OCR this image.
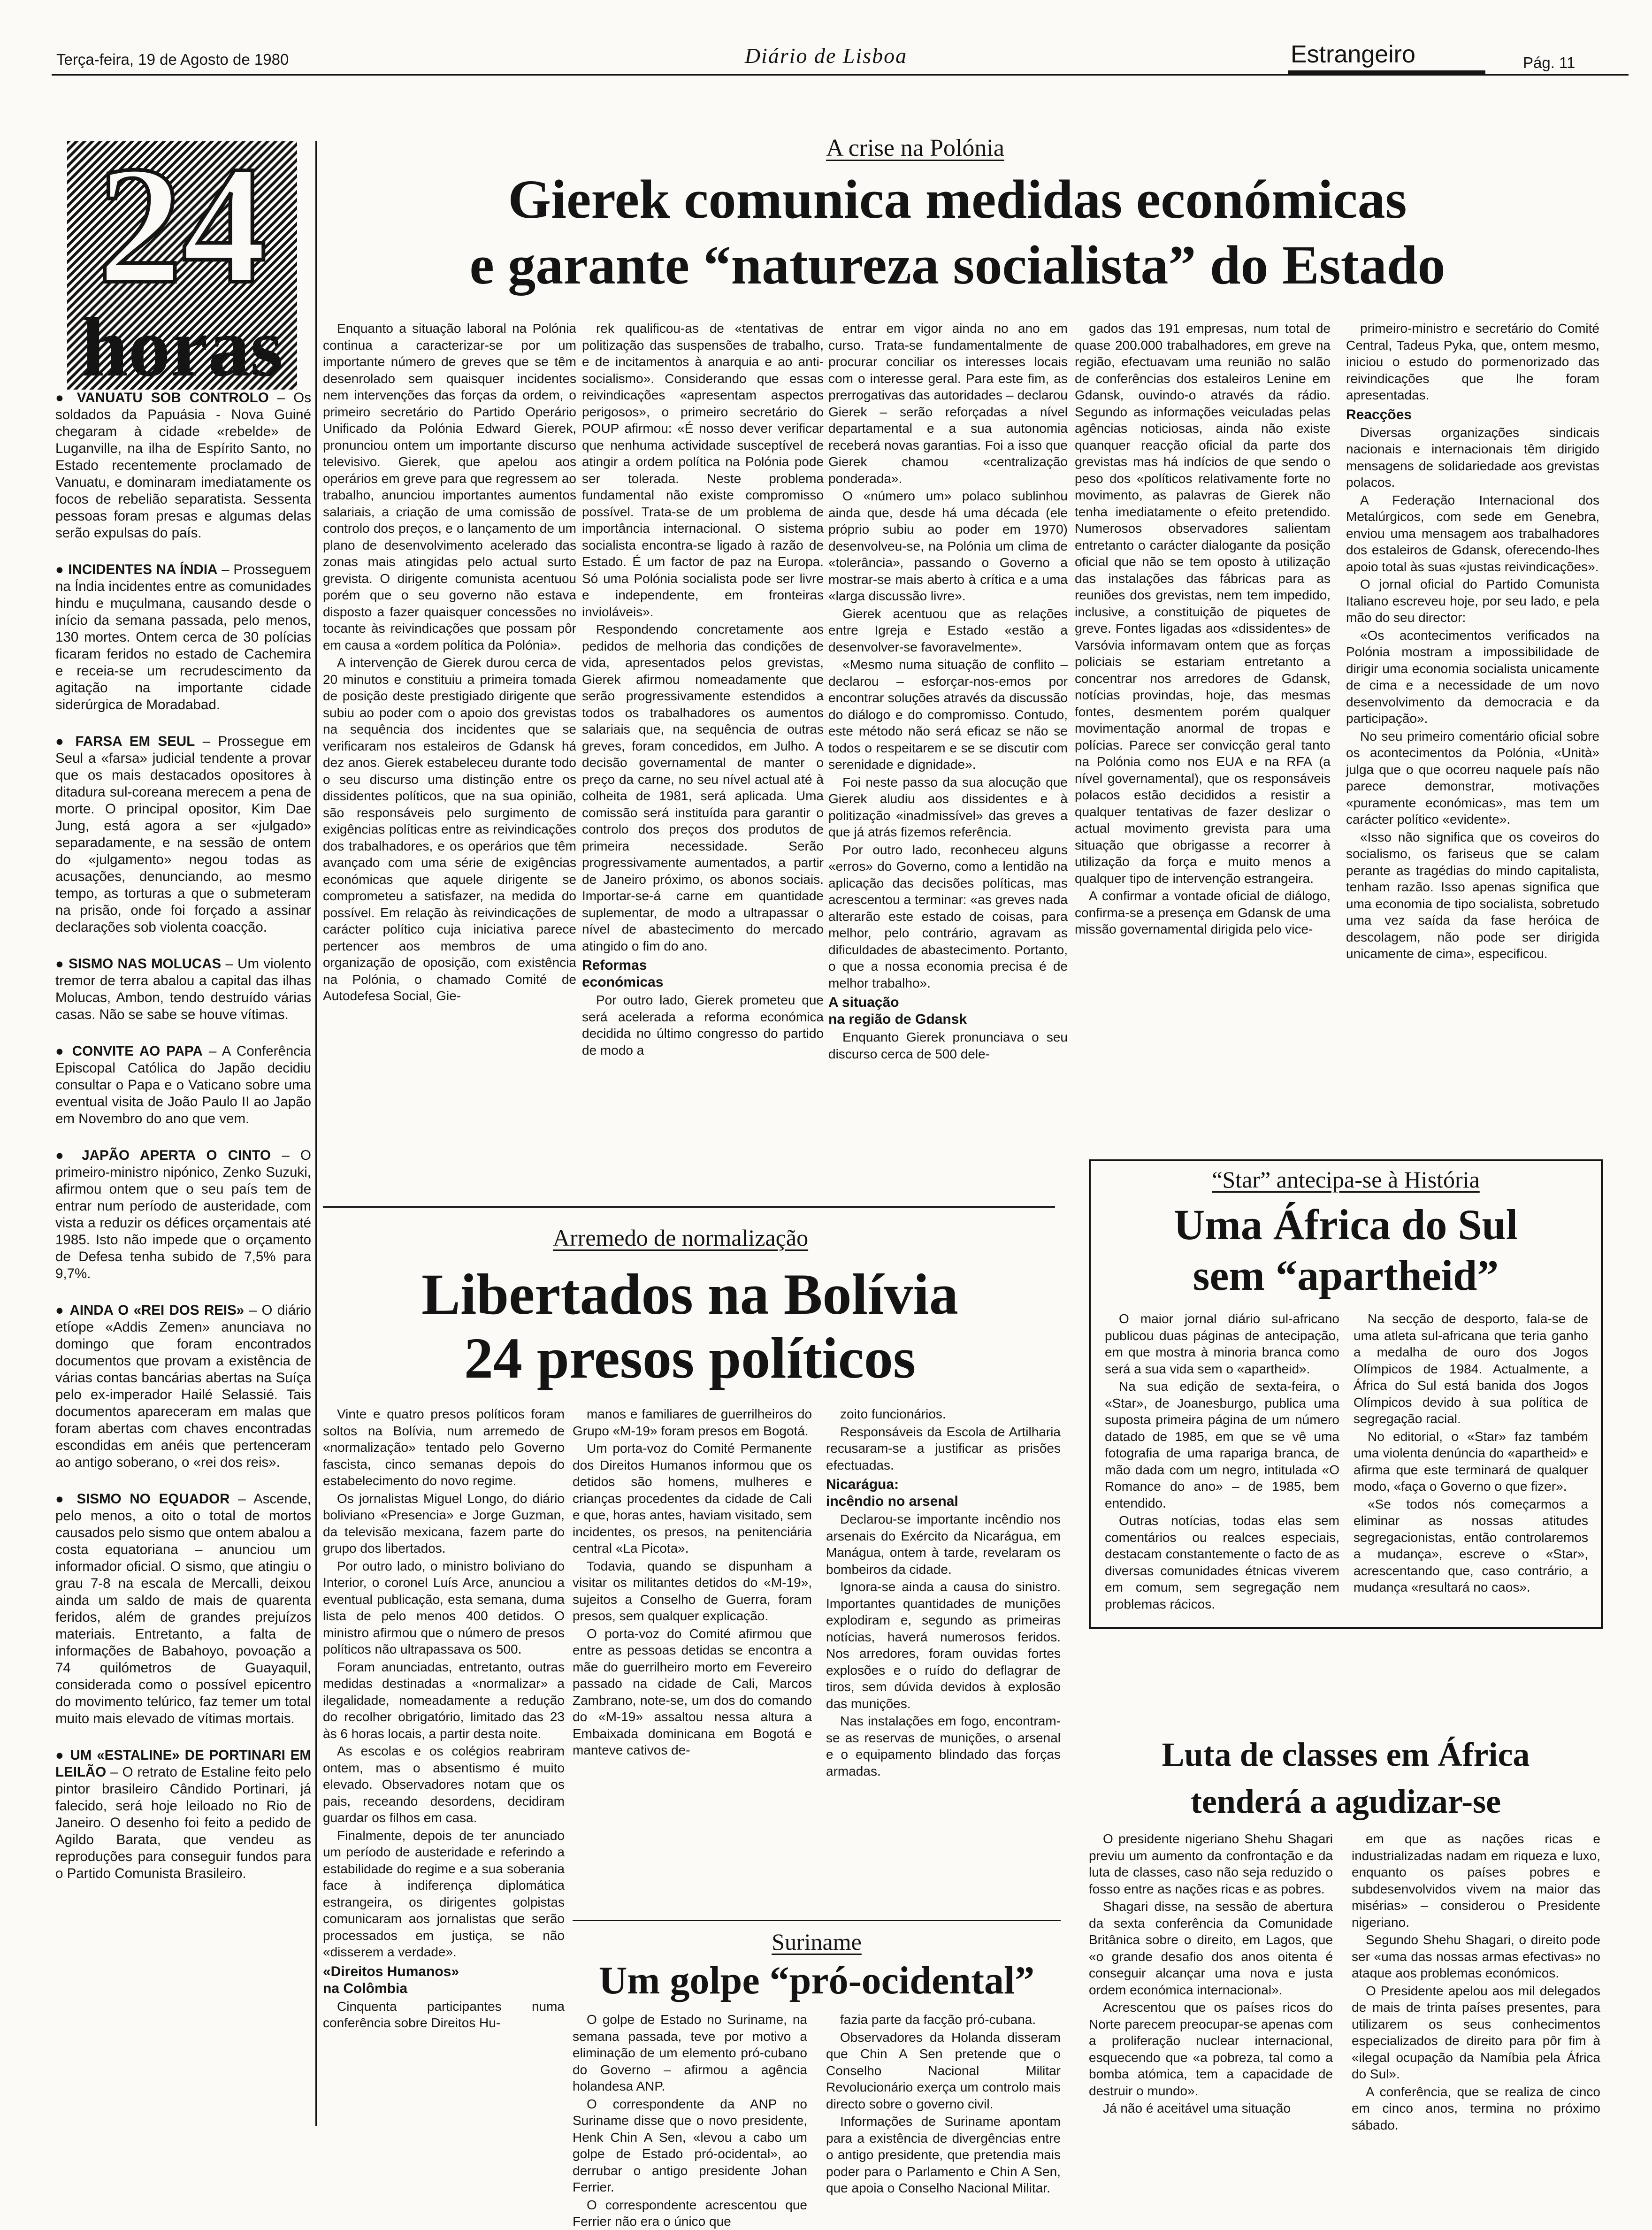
Terça-feira, 19 de Agosto de 1980	Diário de Lisboa	Estrangeiro	Pág. 11
24
horas

● VANUATU SOB CONTROLO – Os soldados da Papuásia - Nova Guiné chegaram à cidade «rebelde» de Luganville, na ilha de Espírito Santo, no Estado recentemente proclamado de Vanuatu, e dominaram imediatamente os focos de rebelião separatista. Sessenta pessoas foram presas e algumas delas serão expulsas do país.

● INCIDENTES NA ÍNDIA – Prosseguem na Índia incidentes entre as comunidades hindu e muçulmana, causando desde o início da semana passada, pelo menos, 130 mortes. Ontem cerca de 30 polícias ficaram feridos no estado de Cachemira e receia-se um recrudescimento da agitação na importante cidade siderúrgica de Moradabad.

● FARSA EM SEUL – Prossegue em Seul a «farsa» judicial tendente a provar que os mais destacados opositores à ditadura sul-coreana merecem a pena de morte. O principal opositor, Kim Dae Jung, está agora a ser «julgado» separadamente, e na sessão de ontem do «julgamento» negou todas as acusações, denunciando, ao mesmo tempo, as torturas a que o submeteram na prisão, onde foi forçado a assinar declarações sob violenta coacção.

● SISMO NAS MOLUCAS – Um violento tremor de terra abalou a capital das ilhas Molucas, Ambon, tendo destruído várias casas. Não se sabe se houve vítimas.

● CONVITE AO PAPA – A Conferência Episcopal Católica do Japão decidiu consultar o Papa e o Vaticano sobre uma eventual visita de João Paulo II ao Japão em Novembro do ano que vem.

● JAPÃO APERTA O CINTO – O primeiro-ministro nipónico, Zenko Suzuki, afirmou ontem que o seu país tem de entrar num período de austeridade, com vista a reduzir os défices orçamentais até 1985. Isto não impede que o orçamento de Defesa tenha subido de 7,5% para 9,7%.

● AINDA O «REI DOS REIS» – O diário etíope «Addis Zemen» anunciava no domingo que foram encontrados documentos que provam a existência de várias contas bancárias abertas na Suíça pelo ex-imperador Hailé Selassié. Tais documentos apareceram em malas que foram abertas com chaves encontradas escondidas em anéis que pertenceram ao antigo soberano, o «rei dos reis».

● SISMO NO EQUADOR – Ascende, pelo menos, a oito o total de mortos causados pelo sismo que ontem abalou a costa equatoriana – anunciou um informador oficial. O sismo, que atingiu o grau 7-8 na escala de Mercalli, deixou ainda um saldo de mais de quarenta feridos, além de grandes prejuízos materiais. Entretanto, a falta de informações de Babahoyo, povoação a 74 quilómetros de Guayaquil, considerada como o possível epicentro do movimento telúrico, faz temer um total muito mais elevado de vítimas mortais.

● UM «ESTALINE» DE PORTINARI EM LEILÃO – O retrato de Estaline feito pelo pintor brasileiro Cândido Portinari, já falecido, será hoje leiloado no Rio de Janeiro. O desenho foi feito a pedido de Agildo Barata, que vendeu as reproduções para conseguir fundos para o Partido Comunista Brasileiro.

A crise na Polónia
Gierek comunica medidas económicas
e garante “natureza socialista” do Estado

Enquanto a situação laboral na Polónia continua a caracterizar-se por um importante número de greves que se têm desenrolado sem quaisquer incidentes nem intervenções das forças da ordem, o primeiro secretário do Partido Operário Unificado da Polónia Edward Gierek, pronunciou ontem um importante discurso televisivo. Gierek, que apelou aos operários em greve para que regressem ao trabalho, anunciou importantes aumentos salariais, a criação de uma comissão de controlo dos preços, e o lançamento de um plano de desenvolvimento acelerado das zonas mais atingidas pelo actual surto grevista. O dirigente comunista acentuou porém que o seu governo não estava disposto a fazer quaisquer concessões no tocante às reivindicações que possam pôr em causa a «ordem política da Polónia».

A intervenção de Gierek durou cerca de 20 minutos e constituiu a primeira tomada de posição deste prestigiado dirigente que subiu ao poder com o apoio dos grevistas na sequência dos incidentes que se verificaram nos estaleiros de Gdansk há dez anos. Gierek estabeleceu durante todo o seu discurso uma distinção entre os dissidentes políticos, que na sua opinião, são responsáveis pelo surgimento de exigências políticas entre as reivindicações dos trabalhadores, e os operários que têm avançado com uma série de exigências económicas que aquele dirigente se comprometeu a satisfazer, na medida do possível. Em relação às reivindicações de carácter político cuja iniciativa parece pertencer aos membros de uma organização de oposição, com existência na Polónia, o chamado Comité de Autodefesa Social, Gie-

rek qualificou-as de «tentativas de politização das suspensões de trabalho, e de incitamentos à anarquia e ao anti-socialismo». Considerando que essas reivindicações «apresentam aspectos perigosos», o primeiro secretário do POUP afirmou: «É nosso dever verificar que nenhuma actividade susceptível de atingir a ordem política na Polónia pode ser tolerada. Neste problema fundamental não existe compromisso possível. Trata-se de um problema de importância internacional. O sistema socialista encontra-se ligado à razão de Estado. É um factor de paz na Europa. Só uma Polónia socialista pode ser livre e independente, em fronteiras invioláveis».

Respondendo concretamente aos pedidos de melhoria das condições de vida, apresentados pelos grevistas, Gierek afirmou nomeadamente que serão progressivamente estendidos a todos os trabalhadores os aumentos salariais que, na sequência de outras greves, foram concedidos, em Julho. A decisão governamental de manter o preço da carne, no seu nível actual até à colheita de 1981, será aplicada. Uma comissão será instituída para garantir o controlo dos preços dos produtos de primeira necessidade. Serão progressivamente aumentados, a partir de Janeiro próximo, os abonos sociais. Importar-se-á carne em quantidade suplementar, de modo a ultrapassar o nível de abastecimento do mercado atingido o fim do ano.

Reformas
económicas

Por outro lado, Gierek prometeu que será acelerada a reforma económica decidida no último congresso do partido de modo a

entrar em vigor ainda no ano em curso. Trata-se fundamentalmente de procurar conciliar os interesses locais com o interesse geral. Para este fim, as prerrogativas das autoridades – declarou Gierek – serão reforçadas a nível departamental e a sua autonomia receberá novas garantias. Foi a isso que Gierek chamou «centralização ponderada».

O «número um» polaco sublinhou ainda que, desde há uma década (ele próprio subiu ao poder em 1970) desenvolveu-se, na Polónia um clima de «tolerância», passando o Governo a mostrar-se mais aberto à crítica e a uma «larga discussão livre».

Gierek acentuou que as relações entre Igreja e Estado «estão a desenvolver-se favoravelmente».

«Mesmo numa situação de conflito – declarou – esforçar-nos-emos por encontrar soluções através da discussão do diálogo e do compromisso. Contudo, este método não será eficaz se não se todos o respeitarem e se se discutir com serenidade e dignidade».

Foi neste passo da sua alocução que Gierek aludiu aos dissidentes e à politização «inadmissível» das greves a que já atrás fizemos referência.

Por outro lado, reconheceu alguns «erros» do Governo, como a lentidão na aplicação das decisões políticas, mas acrescentou a terminar: «as greves nada alterarão este estado de coisas, para melhor, pelo contrário, agravam as dificuldades de abastecimento. Portanto, o que a nossa economia precisa é de melhor trabalho».

A situação
na região de Gdansk

Enquanto Gierek pronunciava o seu discurso cerca de 500 dele-

gados das 191 empresas, num total de quase 200.000 trabalhadores, em greve na região, efectuavam uma reunião no salão de conferências dos estaleiros Lenine em Gdansk, ouvindo-o através da rádio. Segundo as informações veiculadas pelas agências noticiosas, ainda não existe quanquer reacção oficial da parte dos grevistas mas há indícios de que sendo o peso dos «políticos relativamente forte no movimento, as palavras de Gierek não tenha imediatamente o efeito pretendido. Numerosos observadores salientam entretanto o carácter dialogante da posição oficial que não se tem oposto à utilização das instalações das fábricas para as reuniões dos grevistas, nem tem impedido, inclusive, a constituição de piquetes de greve. Fontes ligadas aos «dissidentes» de Varsóvia informavam ontem que as forças policiais se estariam entretanto a concentrar nos arredores de Gdansk, notícias provindas, hoje, das mesmas fontes, desmentem porém qualquer movimentação anormal de tropas e polícias. Parece ser convicção geral tanto na Polónia como nos EUA e na RFA (a nível governamental), que os responsáveis polacos estão decididos a resistir a qualquer tentativas de fazer deslizar o actual movimento grevista para uma situação que obrigasse a recorrer à utilização da força e muito menos a qualquer tipo de intervenção estrangeira.

A confirmar a vontade oficial de diálogo, confirma-se a presença em Gdansk de uma missão governamental dirigida pelo vice-

primeiro-ministro e secretário do Comité Central, Tadeus Pyka, que, ontem mesmo, iniciou o estudo do pormenorizado das reivindicações que lhe foram apresentadas.

Reacções

Diversas organizações sindicais nacionais e internacionais têm dirigido mensagens de solidariedade aos grevistas polacos.

A Federação Internacional dos Metalúrgicos, com sede em Genebra, enviou uma mensagem aos trabalhadores dos estaleiros de Gdansk, oferecendo-lhes apoio total às suas «justas reivindicações».

O jornal oficial do Partido Comunista Italiano escreveu hoje, por seu lado, e pela mão do seu director:

«Os acontecimentos verificados na Polónia mostram a impossibilidade de dirigir uma economia socialista unicamente de cima e a necessidade de um novo desenvolvimento da democracia e da participação».

No seu primeiro comentário oficial sobre os acontecimentos da Polónia, «Unità» julga que o que ocorreu naquele país não parece demonstrar, motivações «puramente económicas», mas tem um carácter político «evidente».

«Isso não significa que os coveiros do socialismo, os fariseus que se calam perante as tragédias do mindo capitalista, tenham razão. Isso apenas significa que uma economia de tipo socialista, sobretudo uma vez saída da fase heróica de descolagem, não pode ser dirigida unicamente de cima», especificou.

“Star” antecipa-se à História
Uma África do Sul
sem “apartheid”

O maior jornal diário sul-africano publicou duas páginas de antecipação, em que mostra à minoria branca como será a sua vida sem o «apartheid».

Na sua edição de sexta-feira, o «Star», de Joanesburgo, publica uma suposta primeira página de um número datado de 1985, em que se vê uma fotografia de uma rapariga branca, de mão dada com um negro, intitulada «O Romance do ano» – de 1985, bem entendido.

Outras notícias, todas elas sem comentários ou realces especiais, destacam constantemente o facto de as diversas comunidades étnicas viverem em comum, sem segregação nem problemas rácicos.

Na secção de desporto, fala-se de uma atleta sul-africana que teria ganho a medalha de ouro dos Jogos Olímpicos de 1984. Actualmente, a África do Sul está banida dos Jogos Olímpicos devido à sua política de segregação racial.

No editorial, o «Star» faz também uma violenta denúncia do «apartheid» e afirma que este terminará de qualquer modo, «faça o Governo o que fizer».

«Se todos nós começarmos a eliminar as nossas atitudes segregacionistas, então controlaremos a mudança», escreve o «Star», acrescentando que, caso contrário, a mudança «resultará no caos».

Arremedo de normalização
Libertados na Bolívia
24 presos políticos

Vinte e quatro presos políticos foram soltos na Bolívia, num arremedo de «normalização» tentado pelo Governo fascista, cinco semanas depois do estabelecimento do novo regime.

Os jornalistas Miguel Longo, do diário boliviano «Presencia» e Jorge Guzman, da televisão mexicana, fazem parte do grupo dos libertados.

Por outro lado, o ministro boliviano do Interior, o coronel Luís Arce, anunciou a eventual publicação, esta semana, duma lista de pelo menos 400 detidos. O ministro afirmou que o número de presos políticos não ultrapassava os 500.

Foram anunciadas, entretanto, outras medidas destinadas a «normalizar» a ilegalidade, nomeadamente a redução do recolher obrigatório, limitado das 23 às 6 horas locais, a partir desta noite.

As escolas e os colégios reabriram ontem, mas o absentismo é muito elevado. Observadores notam que os pais, receando desordens, decidiram guardar os filhos em casa.

Finalmente, depois de ter anunciado um período de austeridade e referindo a estabilidade do regime e a sua soberania face à indiferença diplomática estrangeira, os dirigentes golpistas comunicaram aos jornalistas que serão processados em justiça, se não «disserem a verdade».

«Direitos Humanos»
na Colômbia

Cinquenta participantes numa conferência sobre Direitos Hu-

manos e familiares de guerrilheiros do Grupo «M-19» foram presos em Bogotá.

Um porta-voz do Comité Permanente dos Direitos Humanos informou que os detidos são homens, mulheres e crianças procedentes da cidade de Cali e que, horas antes, haviam visitado, sem incidentes, os presos, na penitenciária central «La Picota».

Todavia, quando se dispunham a visitar os militantes detidos do «M-19», sujeitos a Conselho de Guerra, foram presos, sem qualquer explicação.

O porta-voz do Comité afirmou que entre as pessoas detidas se encontra a mãe do guerrilheiro morto em Fevereiro passado na cidade de Cali, Marcos Zambrano, note-se, um dos do comando do «M-19» assaltou nessa altura a Embaixada dominicana em Bogotá e manteve cativos de-

zoito funcionários.

Responsáveis da Escola de Artilharia recusaram-se a justificar as prisões efectuadas.

Nicarágua:
incêndio no arsenal

Declarou-se importante incêndio nos arsenais do Exército da Nicarágua, em Manágua, ontem à tarde, revelaram os bombeiros da cidade.

Ignora-se ainda a causa do sinistro. Importantes quantidades de munições explodiram e, segundo as primeiras notícias, haverá numerosos feridos. Nos arredores, foram ouvidas fortes explosões e o ruído do deflagrar de tiros, sem dúvida devidos à explosão das munições.

Nas instalações em fogo, encontram-se as reservas de munições, o arsenal e o equipamento blindado das forças armadas.

Suriname
Um golpe “pró-ocidental”

O golpe de Estado no Suriname, na semana passada, teve por motivo a eliminação de um elemento pró-cubano do Governo – afirmou a agência holandesa ANP.

O correspondente da ANP no Suriname disse que o novo presidente, Henk Chin A Sen, «levou a cabo um golpe de Estado pró-ocidental», ao derrubar o antigo presidente Johan Ferrier.

O correspondente acrescentou que Ferrier não era o único que

fazia parte da facção pró-cubana.

Observadores da Holanda disseram que Chin A Sen pretende que o Conselho Nacional Militar Revolucionário exerça um controlo mais directo sobre o governo civil.

Informações de Suriname apontam para a existência de divergências entre o antigo presidente, que pretendia mais poder para o Parlamento e Chin A Sen, que apoia o Conselho Nacional Militar.

Luta de classes em África
tenderá a agudizar-se

O presidente nigeriano Shehu Shagari previu um aumento da confrontação e da luta de classes, caso não seja reduzido o fosso entre as nações ricas e as pobres.

Shagari disse, na sessão de abertura da sexta conferência da Comunidade Britânica sobre o direito, em Lagos, que «o grande desafio dos anos oitenta é conseguir alcançar uma nova e justa ordem económica internacional».

Acrescentou que os países ricos do Norte parecem preocupar-se apenas com a proliferação nuclear internacional, esquecendo que «a pobreza, tal como a bomba atómica, tem a capacidade de destruir o mundo».

Já não é aceitável uma situação

em que as nações ricas e industrializadas nadam em riqueza e luxo, enquanto os países pobres e subdesenvolvidos vivem na maior das misérias» – considerou o Presidente nigeriano.

Segundo Shehu Shagari, o direito pode ser «uma das nossas armas efectivas» no ataque aos problemas económicos.

O Presidente apelou aos mil delegados de mais de trinta países presentes, para utilizarem os seus conhecimentos especializados de direito para pôr fim à «ilegal ocupação da Namíbia pela África do Sul».

A conferência, que se realiza de cinco em cinco anos, termina no próximo sábado.
